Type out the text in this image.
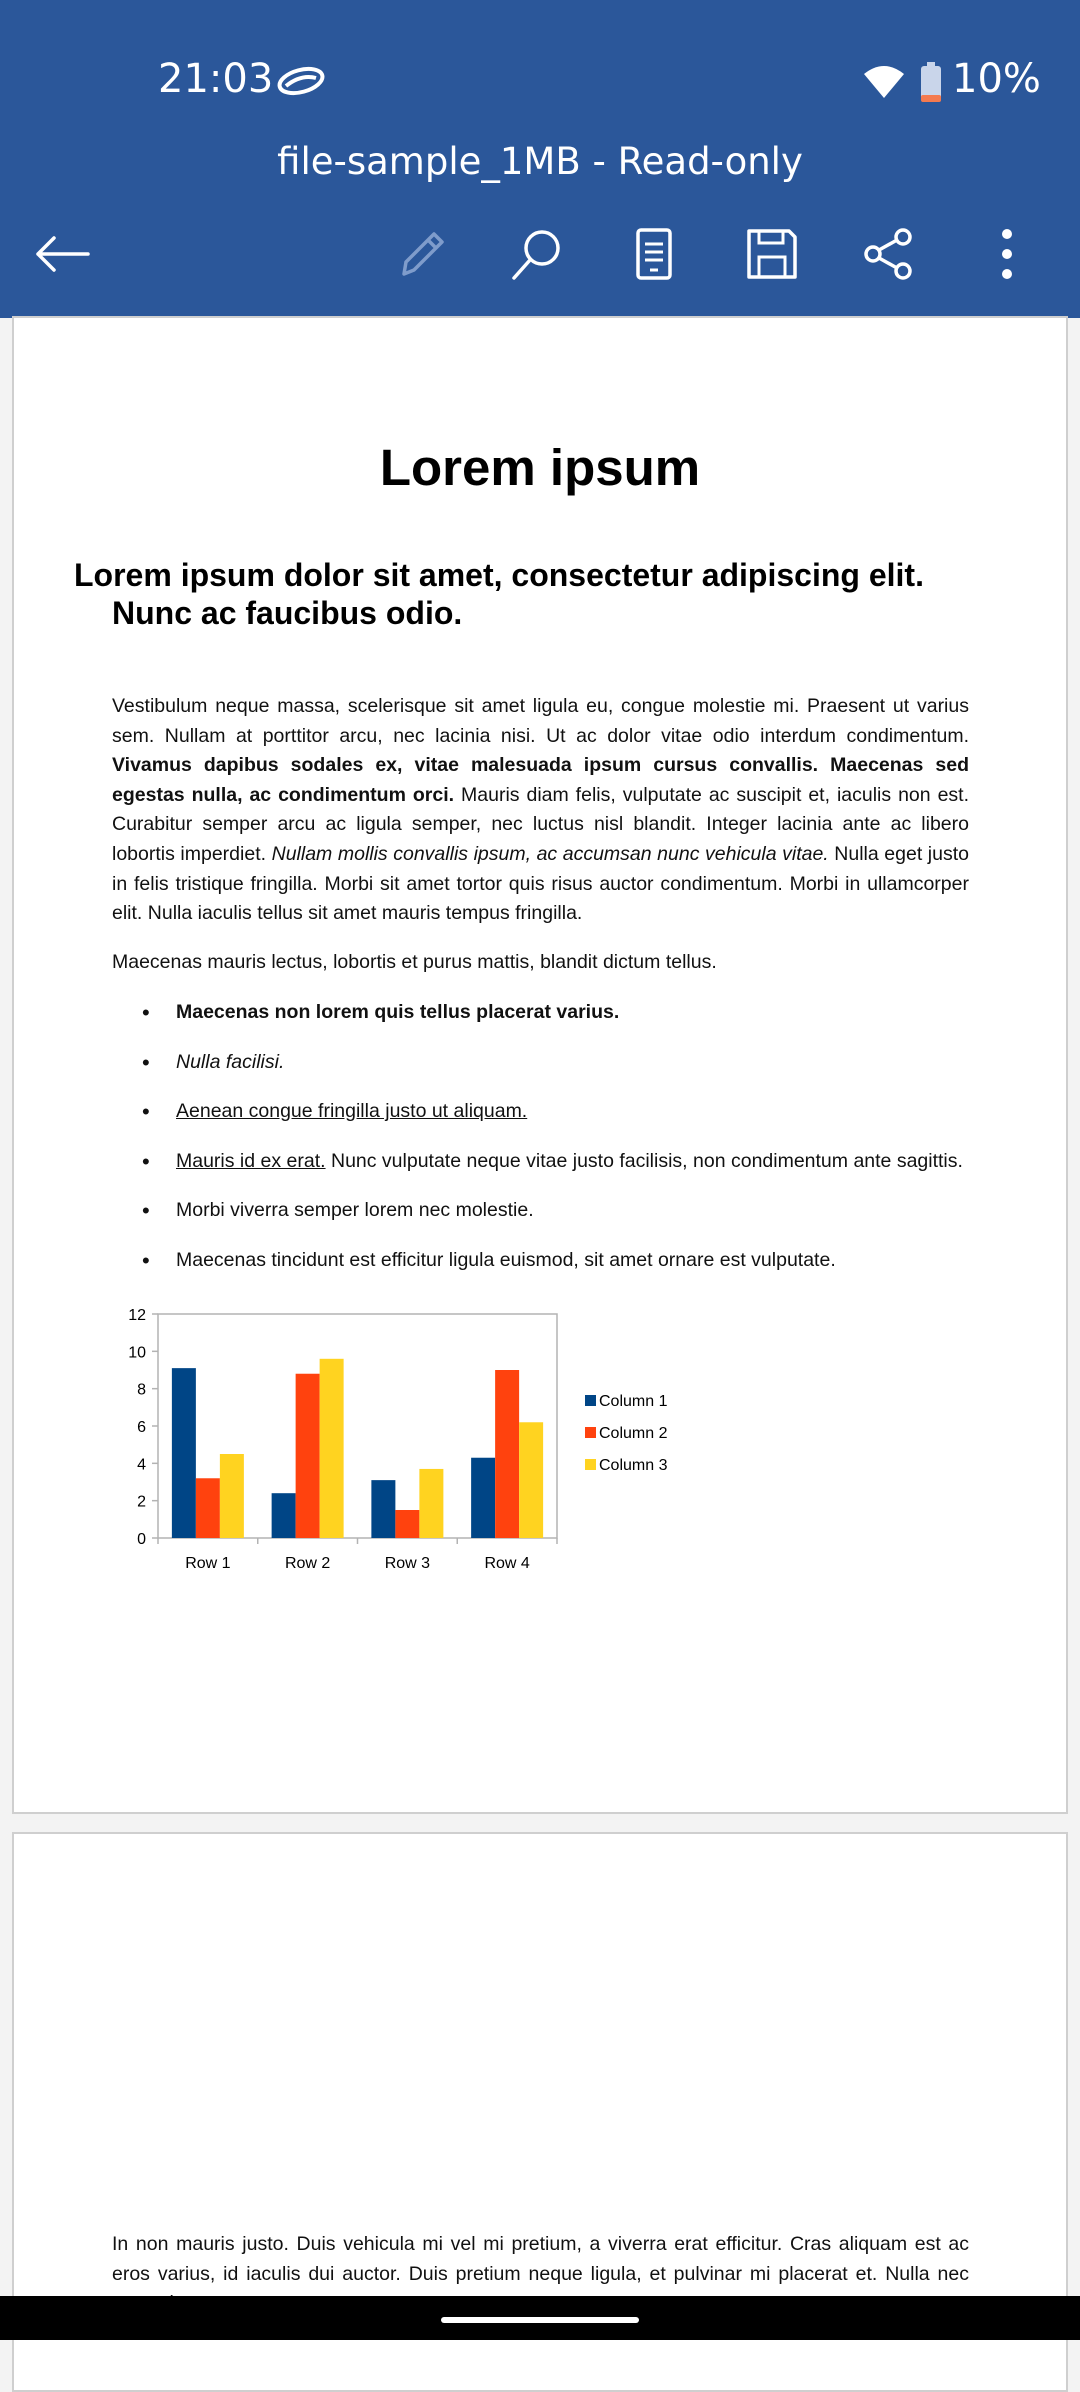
21:03	10%
file-sample_1MB - Read-only
Lorem ipsum
Lorem ipsum dolor sit amet, consectetur adipiscing elit. Nunc ac faucibus odio.
Vestibulum neque massa, scelerisque sit amet ligula eu, congue molestie mi. Praesent ut varius sem. Nullam at porttitor arcu, nec lacinia nisi. Ut ac dolor vitae odio interdum condimentum. Vivamus dapibus sodales ex, vitae malesuada ipsum cursus convallis. Maecenas sed egestas nulla, ac condimentum orci. Mauris diam felis, vulputate ac suscipit et, iaculis non est. Curabitur semper arcu ac ligula semper, nec luctus nisl blandit. Integer lacinia ante ac libero lobortis imperdiet. Nullam mollis convallis ipsum, ac accumsan nunc vehicula vitae. Nulla eget justo in felis tristique fringilla. Morbi sit amet tortor quis risus auctor condimentum. Morbi in ullamcorper elit. Nulla iaculis tellus sit amet mauris tempus fringilla.
Maecenas mauris lectus, lobortis et purus mattis, blandit dictum tellus.
• Maecenas non lorem quis tellus placerat varius.
• Nulla facilisi.
• Aenean congue fringilla justo ut aliquam.
• Mauris id ex erat. Nunc vulputate neque vitae justo facilisis, non condimentum ante sagittis.
• Morbi viverra semper lorem nec molestie.
• Maecenas tincidunt est efficitur ligula euismod, sit amet ornare est vulputate.
0
2
4
6
8
10
12
Row 1	Row 2	Row 3	Row 4
Column 1
Column 2
Column 3
In non mauris justo. Duis vehicula mi vel mi pretium, a viverra erat efficitur. Cras aliquam est ac eros varius, id iaculis dui auctor. Duis pretium neque ligula, et pulvinar mi placerat et. Nulla nec
